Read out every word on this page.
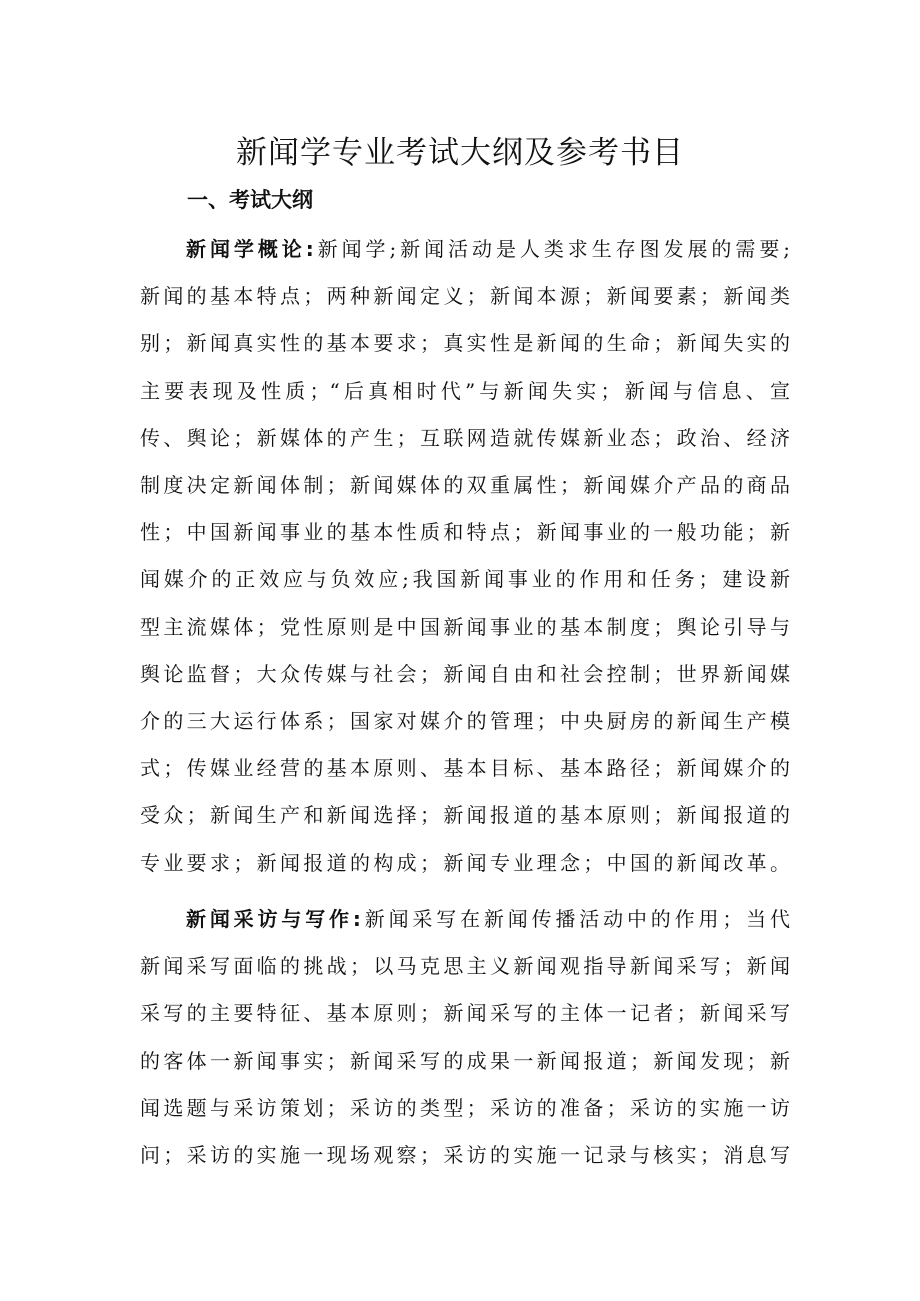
新闻学专业考试大纲及参考书目
一、考试大纲
新闻学概论:新闻学;新闻活动是人类求生存图发展的需要;
新闻的基本特点；两种新闻定义；新闻本源；新闻要素；新闻类
别；新闻真实性的基本要求；真实性是新闻的生命；新闻失实的
主要表现及性质；“后真相时代”与新闻失实；新闻与信息、宣
传、舆论；新媒体的产生；互联网造就传媒新业态；政治、经济
制度决定新闻体制；新闻媒体的双重属性；新闻媒介产品的商品
性；中国新闻事业的基本性质和特点；新闻事业的一般功能；新
闻媒介的正效应与负效应;我国新闻事业的作用和任务；建设新
型主流媒体；党性原则是中国新闻事业的基本制度；舆论引导与
舆论监督；大众传媒与社会；新闻自由和社会控制；世界新闻媒
介的三大运行体系；国家对媒介的管理；中央厨房的新闻生产模
式；传媒业经营的基本原则、基本目标、基本路径；新闻媒介的
受众；新闻生产和新闻选择；新闻报道的基本原则；新闻报道的
专业要求；新闻报道的构成；新闻专业理念；中国的新闻改革。
新闻采访与写作:新闻采写在新闻传播活动中的作用；当代
新闻采写面临的挑战；以马克思主义新闻观指导新闻采写；新闻
采写的主要特征、基本原则；新闻采写的主体一记者；新闻采写
的客体一新闻事实；新闻采写的成果一新闻报道；新闻发现；新
闻选题与采访策划；采访的类型；采访的准备；采访的实施一访
问；采访的实施一现场观察；采访的实施一记录与核实；消息写
